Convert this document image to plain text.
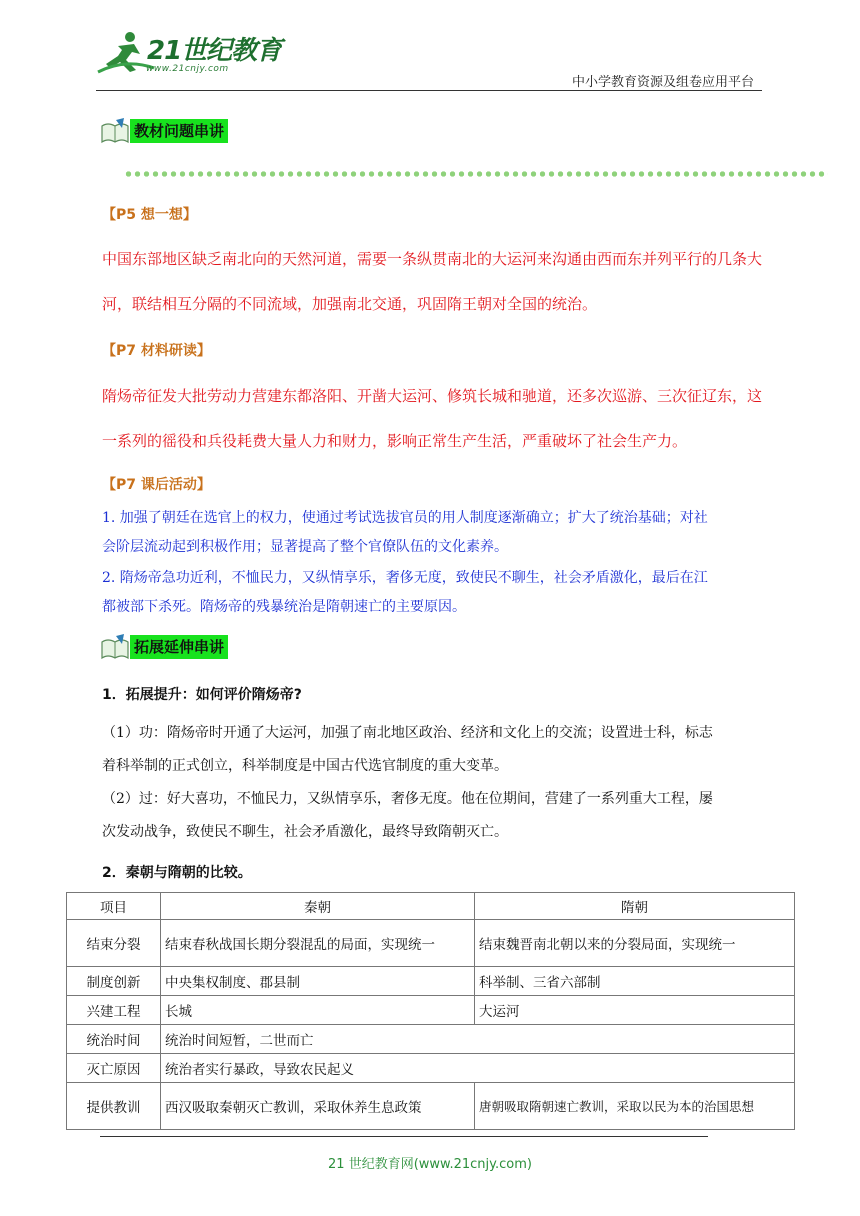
21世纪教育
www.21cnjy.com
中小学教育资源及组卷应用平台
教材问题串讲
【P5 想一想】
中国东部地区缺乏南北向的天然河道，需要一条纵贯南北的大运河来沟通由西而东并列平行的几条大
河，联结相互分隔的不同流域，加强南北交通，巩固隋王朝对全国的统治。
【P7 材料研读】
隋炀帝征发大批劳动力营建东都洛阳、开凿大运河、修筑长城和驰道，还多次巡游、三次征辽东，这
一系列的徭役和兵役耗费大量人力和财力，影响正常生产生活，严重破坏了社会生产力。
【P7 课后活动】
1. 加强了朝廷在选官上的权力，使通过考试选拔官员的用人制度逐渐确立；扩大了统治基础；对社
会阶层流动起到积极作用；显著提高了整个官僚队伍的文化素养。
2. 隋炀帝急功近利，不恤民力，又纵情享乐，奢侈无度，致使民不聊生，社会矛盾激化，最后在江
都被部下杀死。隋炀帝的残暴统治是隋朝速亡的主要原因。
拓展延伸串讲
1．拓展提升：如何评价隋炀帝?
（1）功：隋炀帝时开通了大运河，加强了南北地区政治、经济和文化上的交流；设置进士科，标志
着科举制的正式创立，科举制度是中国古代选官制度的重大变革。
（2）过：好大喜功，不恤民力，又纵情享乐，奢侈无度。他在位期间，营建了一系列重大工程，屡
次发动战争，致使民不聊生，社会矛盾激化，最终导致隋朝灭亡。
2．秦朝与隋朝的比较。
项目	秦朝	隋朝
结束分裂	结束春秋战国长期分裂混乱的局面，实现统一	结束魏晋南北朝以来的分裂局面，实现统一
制度创新	中央集权制度、郡县制	科举制、三省六部制
兴建工程	长城	大运河
统治时间	统治时间短暂，二世而亡	
灭亡原因	统治者实行暴政，导致农民起义	
提供教训	西汉吸取秦朝灭亡教训，采取休养生息政策	唐朝吸取隋朝速亡教训，采取以民为本的治国思想
21 世纪教育网(www.21cnjy.com)
